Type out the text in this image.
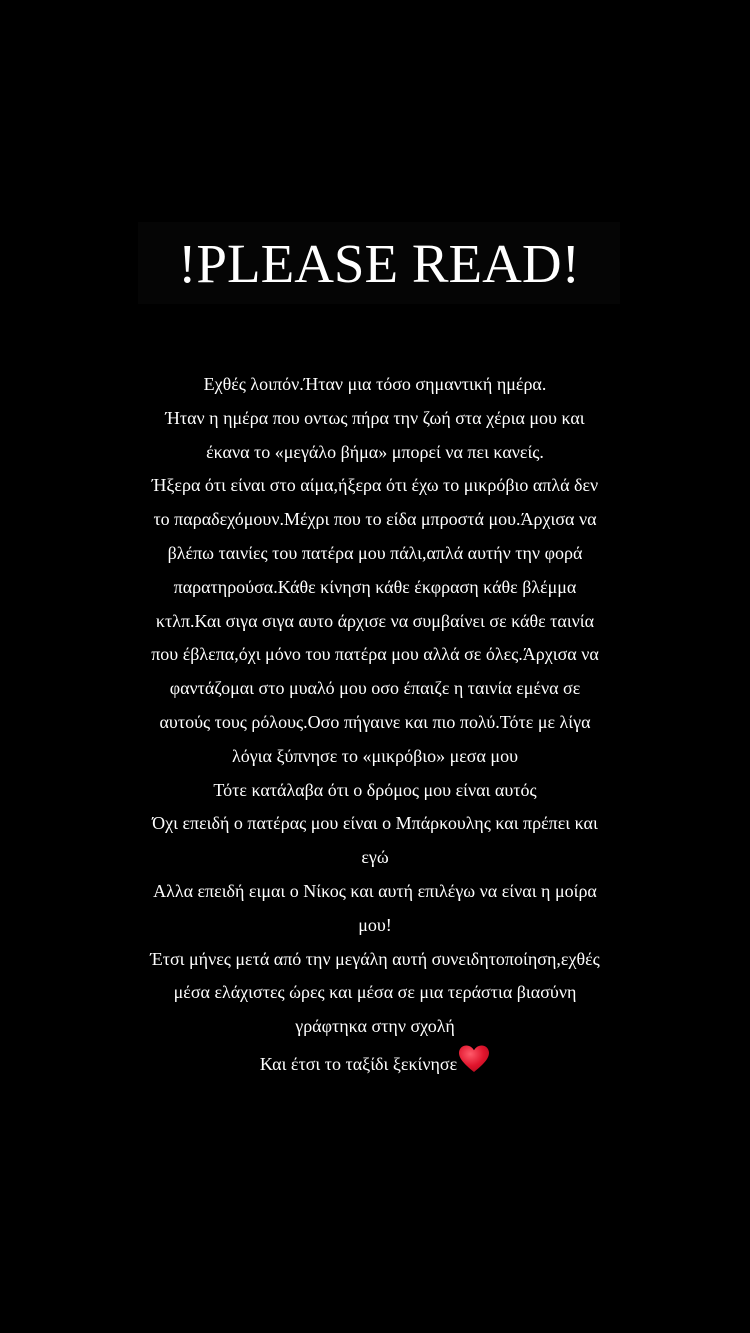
!PLEASE READ!
Εχθές λοιπόν.Ήταν μια τόσο σημαντική ημέρα.
Ήταν η ημέρα που οντως πήρα την ζωή στα χέρια μου και
έκανα το «μεγάλο βήμα» μπορεί να πει κανείς.
Ήξερα ότι είναι στο αίμα,ήξερα ότι έχω το μικρόβιο απλά δεν
το παραδεχόμουν.Μέχρι που το είδα μπροστά μου.Άρχισα να
βλέπω ταινίες του πατέρα μου πάλι,απλά αυτήν την φορά
παρατηρούσα.Κάθε κίνηση κάθε έκφραση κάθε βλέμμα
κτλπ.Και σιγα σιγα αυτο άρχισε να συμβαίνει σε κάθε ταινία
που έβλεπα,όχι μόνο του πατέρα μου αλλά σε όλες.Άρχισα να
φαντάζομαι στο μυαλό μου οσο έπαιζε η ταινία εμένα σε
αυτούς τους ρόλους.Οσο πήγαινε και πιο πολύ.Τότε με λίγα
λόγια ξύπνησε το «μικρόβιο» μεσα μου
Τότε κατάλαβα ότι ο δρόμος μου είναι αυτός
Όχι επειδή ο πατέρας μου είναι ο Μπάρκουλης και πρέπει και
εγώ
Αλλα επειδή ειμαι ο Νίκος και αυτή επιλέγω να είναι η μοίρα
μου!
Έτσι μήνες μετά από την μεγάλη αυτή συνειδητοποίηση,εχθές
μέσα ελάχιστες ώρες και μέσα σε μια τεράστια βιασύνη
γράφτηκα στην σχολή
Και έτσι το ταξίδι ξεκίνησε
